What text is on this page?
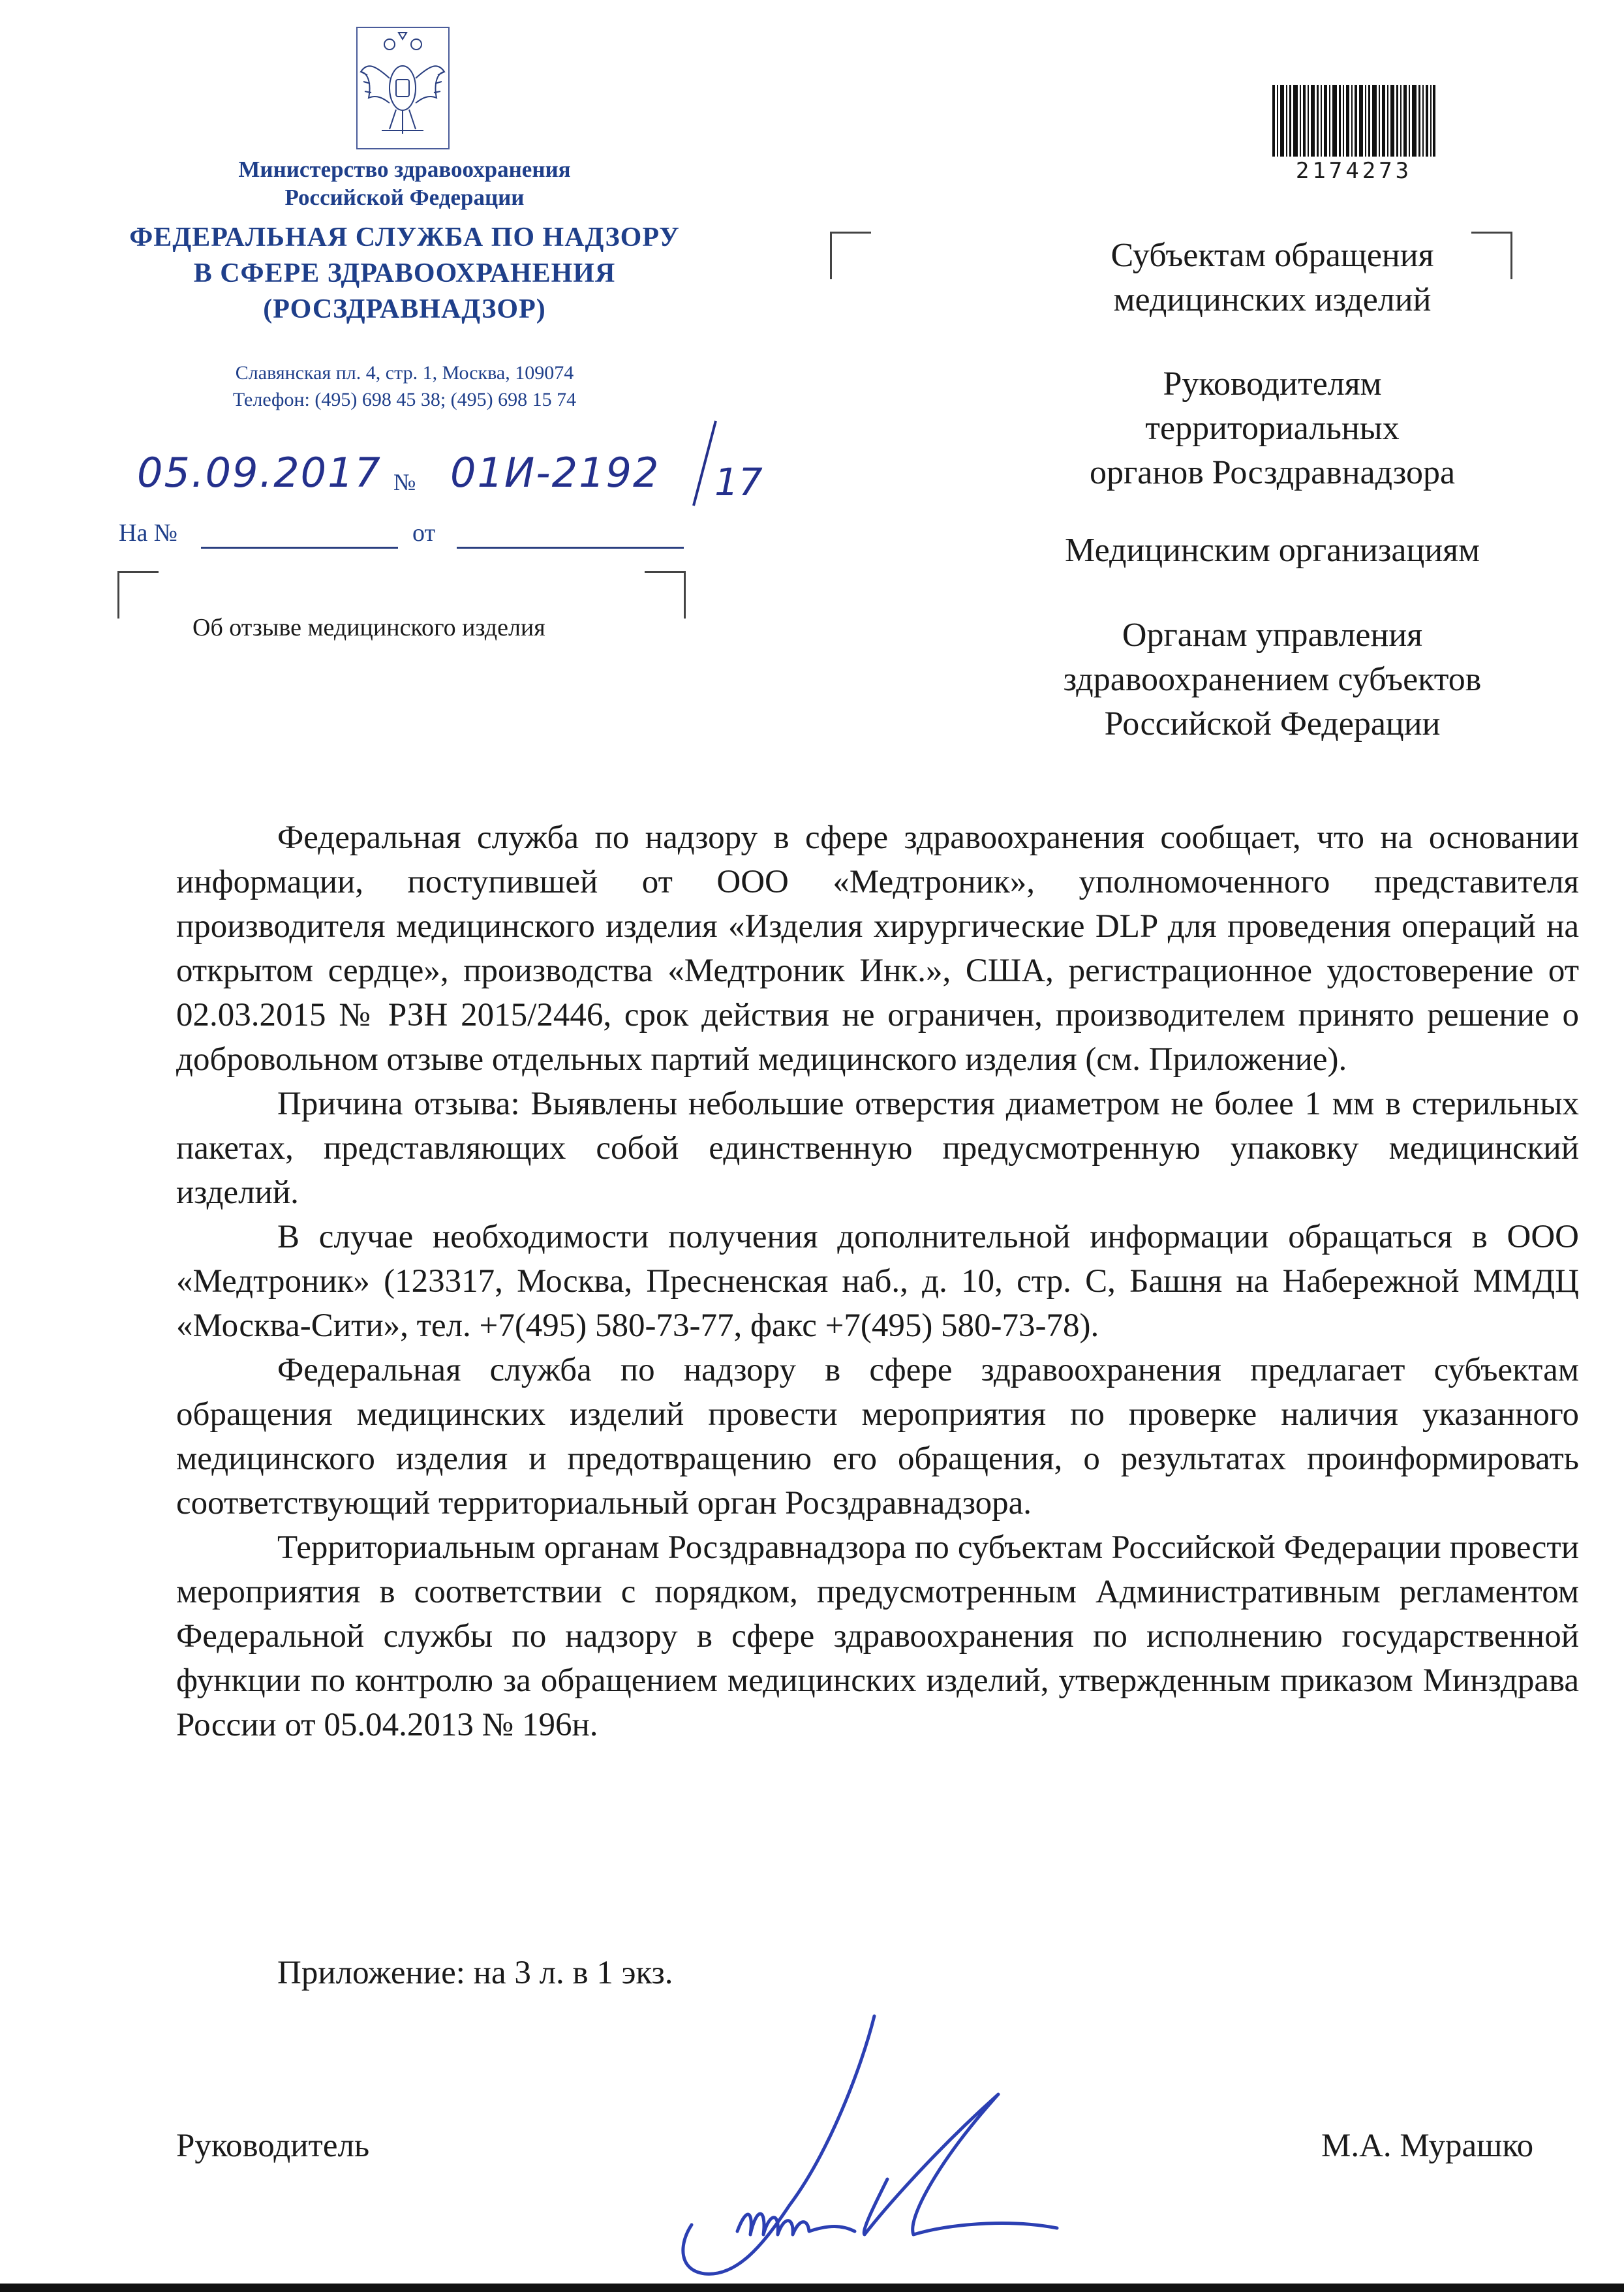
Министерство здравоохранения
Российской Федерации
ФЕДЕРАЛЬНАЯ СЛУЖБА ПО НАДЗОРУ
В СФЕРЕ ЗДРАВООХРАНЕНИЯ
(РОСЗДРАВНАДЗОР)
Славянская пл. 4, стр. 1, Москва, 109074
Телефон: (495) 698 45 38; (495) 698 15 74
05.09.2017 № 01И-2192 17
На №	от
Об отзыве медицинского изделия
2174273
Субъектам обращения
медицинских изделий
Руководителям
территориальных
органов Росздравнадзора
Медицинским организациям
Органам управления
здравоохранением субъектов
Российской Федерации

Федеральная служба по надзору в сфере здравоохранения сообщает, что на основании информации, поступившей от ООО «Медтроник», уполномоченного представителя производителя медицинского изделия «Изделия хирургические DLP для проведения операций на открытом сердце», производства «Медтроник Инк.», США, регистрационное удостоверение от 02.03.2015 № РЗН 2015/2446, срок действия не ограничен, производителем принято решение о добровольном отзыве отдельных партий медицинского изделия (см. Приложение).

Причина отзыва: Выявлены небольшие отверстия диаметром не более 1 мм в стерильных пакетах, представляющих собой единственную предусмотренную упаковку медицинский изделий.

В случае необходимости получения дополнительной информации обращаться в ООО «Медтроник» (123317, Москва, Пресненская наб., д. 10, стр. С, Башня на Набережной ММДЦ «Москва-Сити», тел. +7(495) 580-73-77, факс +7(495) 580-73-78).

Федеральная служба по надзору в сфере здравоохранения предлагает субъектам обращения медицинских изделий провести мероприятия по проверке наличия указанного медицинского изделия и предотвращению его обращения, о результатах проинформировать соответствующий территориальный орган Росздравнадзора.

Территориальным органам Росздравнадзора по субъектам Российской Федерации провести мероприятия в соответствии с порядком, предусмотренным Административным регламентом Федеральной службы по надзору в сфере здравоохранения по исполнению государственной функции по контролю за обращением медицинских изделий, утвержденным приказом Минздрава России от 05.04.2013 № 196н.

Приложение: на 3 л. в 1 экз.
Руководитель	М.А. Мурашко
